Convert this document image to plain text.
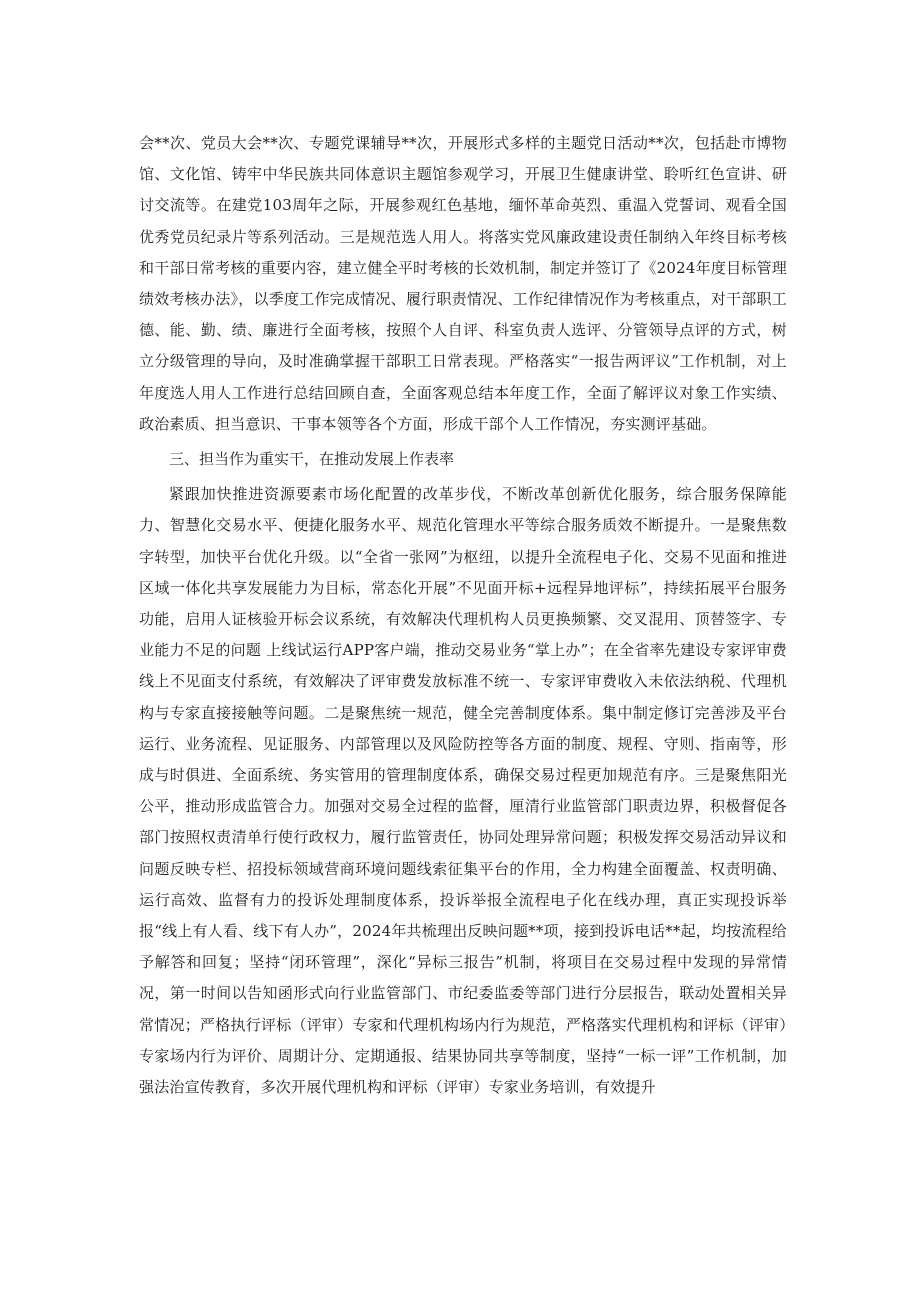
会**次、党员大会**次、专题党课辅导**次，开展形式多样的主题党日活动**次，包括赴市博物馆、文化馆、铸牢中华民族共同体意识主题馆参观学习，开展卫生健康讲堂、聆听红色宣讲、研讨交流等。在建党103周年之际，开展参观红色基地，缅怀革命英烈、重温入党誓词、观看全国优秀党员纪录片等系列活动。三是规范选人用人。将落实党风廉政建设责任制纳入年终目标考核和干部日常考核的重要内容，建立健全平时考核的长效机制，制定并签订了《2024年度目标管理绩效考核办法》，以季度工作完成情况、履行职责情况、工作纪律情况作为考核重点，对干部职工德、能、勤、绩、廉进行全面考核，按照个人自评、科室负责人选评、分管领导点评的方式，树立分级管理的导向，及时准确掌握干部职工日常表现。严格落实“一报告两评议”工作机制，对上年度选人用人工作进行总结回顾自查，全面客观总结本年度工作，全面了解评议对象工作实绩、政治素质、担当意识、干事本领等各个方面，形成干部个人工作情况，夯实测评基础。

三、担当作为重实干，在推动发展上作表率

紧跟加快推进资源要素市场化配置的改革步伐，不断改革创新优化服务，综合服务保障能力、智慧化交易水平、便捷化服务水平、规范化管理水平等综合服务质效不断提升。一是聚焦数字转型，加快平台优化升级。以“全省一张网”为枢纽，以提升全流程电子化、交易不见面和推进区域一体化共享发展能力为目标，常态化开展”不见面开标+远程异地评标”，持续拓展平台服务功能，启用人证核验开标会议系统，有效解决代理机构人员更换频繁、交叉混用、顶替签字、专业能力不足的问题 上线试运行APP客户端，推动交易业务“掌上办”；在全省率先建设专家评审费线上不见面支付系统，有效解决了评审费发放标准不统一、专家评审费收入未依法纳税、代理机构与专家直接接触等问题。二是聚焦统一规范，健全完善制度体系。集中制定修订完善涉及平台运行、业务流程、见证服务、内部管理以及风险防控等各方面的制度、规程、守则、指南等，形成与时俱进、全面系统、务实管用的管理制度体系，确保交易过程更加规范有序。三是聚焦阳光公平，推动形成监管合力。加强对交易全过程的监督，厘清行业监管部门职责边界，积极督促各部门按照权责清单行使行政权力，履行监管责任，协同处理异常问题；积极发挥交易活动异议和问题反映专栏、招投标领域营商环境问题线索征集平台的作用，全力构建全面覆盖、权责明确、运行高效、监督有力的投诉处理制度体系，投诉举报全流程电子化在线办理，真正实现投诉举报“线上有人看、线下有人办”，2024年共梳理出反映问题**项，接到投诉电话**起，均按流程给予解答和回复；坚持“闭环管理”，深化“异标三报告”机制，将项目在交易过程中发现的异常情况，第一时间以告知函形式向行业监管部门、市纪委监委等部门进行分层报告，联动处置相关异常情况；严格执行评标（评审）专家和代理机构场内行为规范，严格落实代理机构和评标（评审）专家场内行为评价、周期计分、定期通报、结果协同共享等制度，坚持“一标一评”工作机制，加强法治宣传教育，多次开展代理机构和评标（评审）专家业务培训，有效提升
